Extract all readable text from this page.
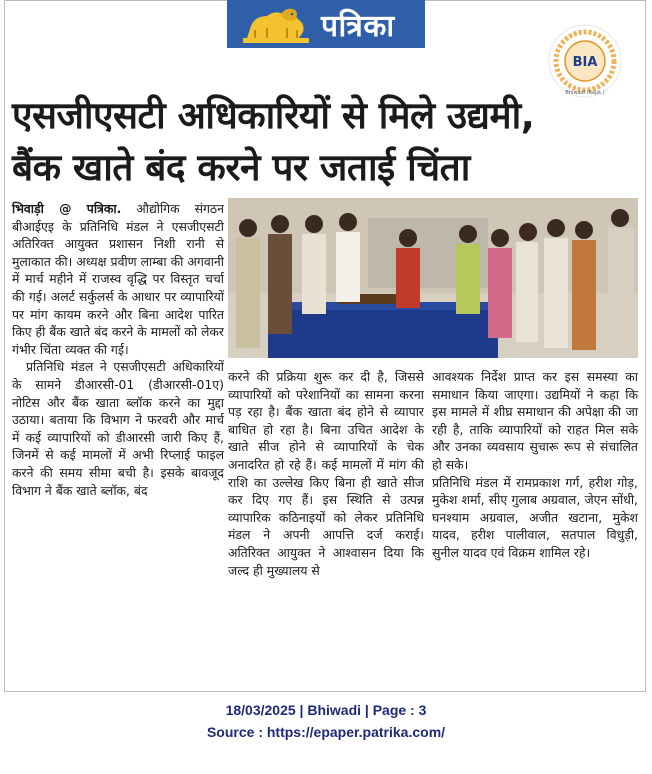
पत्रिका
BIA
Bhiwadi (Rajst.)
एसजीएसटी अधिकारियों से मिले उद्यमी,
बैंक खाते बंद करने पर जताई चिंता

भिवाड़ी @ पत्रिका. औद्योगिक संगठन बीआईएइ के प्रतिनिधि मंडल ने एसजीएसटी अतिरिक्त आयुक्त प्रशासन निशी रानी से मुलाकात की। अध्यक्ष प्रवीण लाम्बा की अगवानी में मार्च महीने में राजस्व वृद्धि पर विस्तृत चर्चा की गई। अलर्ट सर्कुलर्स के आधार पर व्यापारियों पर मांग कायम करने और बिना आदेश पारित किए ही बैंक खाते बंद करने के मामलों को लेकर गंभीर चिंता व्यक्त की गई।

प्रतिनिधि मंडल ने एसजीएसटी अधिकारियों के सामने डीआरसी-01 (डीआरसी-01ए) नोटिस और बैंक खाता ब्लॉक करने का मुद्दा उठाया। बताया कि विभाग ने फरवरी और मार्च में कई व्यापारियों को डीआरसी जारी किए हैं, जिनमें से कई मामलों में अभी रिप्लाई फाइल करने की समय सीमा बची है। इसके बावजूद विभाग ने बैंक खाते ब्लॉक, बंद

करने की प्रक्रिया शुरू कर दी है, जिससे व्यापारियों को परेशानियों का सामना करना पड़ रहा है। बैंक खाता बंद होने से व्यापार बाधित हो रहा है। बिना उचित आदेश के खाते सीज होने से व्यापारियों के चेक अनादरित हो रहे हैं। कई मामलों में मांग की राशि का उल्लेख किए बिना ही खाते सीज कर दिए गए हैं। इस स्थिति से उत्पन्न व्यापारिक कठिनाइयों को लेकर प्रतिनिधि मंडल ने अपनी आपत्ति दर्ज कराई। अतिरिक्त आयुक्त ने आश्वासन दिया कि जल्द ही मुख्यालय से

आवश्यक निर्देश प्राप्त कर इस समस्या का समाधान किया जाएगा। उद्यमियों ने कहा कि इस मामले में शीघ्र समाधान की अपेक्षा की जा रही है, ताकि व्यापारियों को राहत मिल सके और उनका व्यवसाय सुचारू रूप से संचालित हो सके।

प्रतिनिधि मंडल में रामप्रकाश गर्ग, हरीश गोड़, मुकेश शर्मा, सीए गुलाब अग्रवाल, जेएन सोंधी, घनश्याम अग्रवाल, अजीत खटाना, मुकेश यादव, हरीश पालीवाल, सतपाल विधुड़ी, सुनील यादव एवं विक्रम शामिल रहे।

18/03/2025 | Bhiwadi | Page : 3
Source : https://epaper.patrika.com/
